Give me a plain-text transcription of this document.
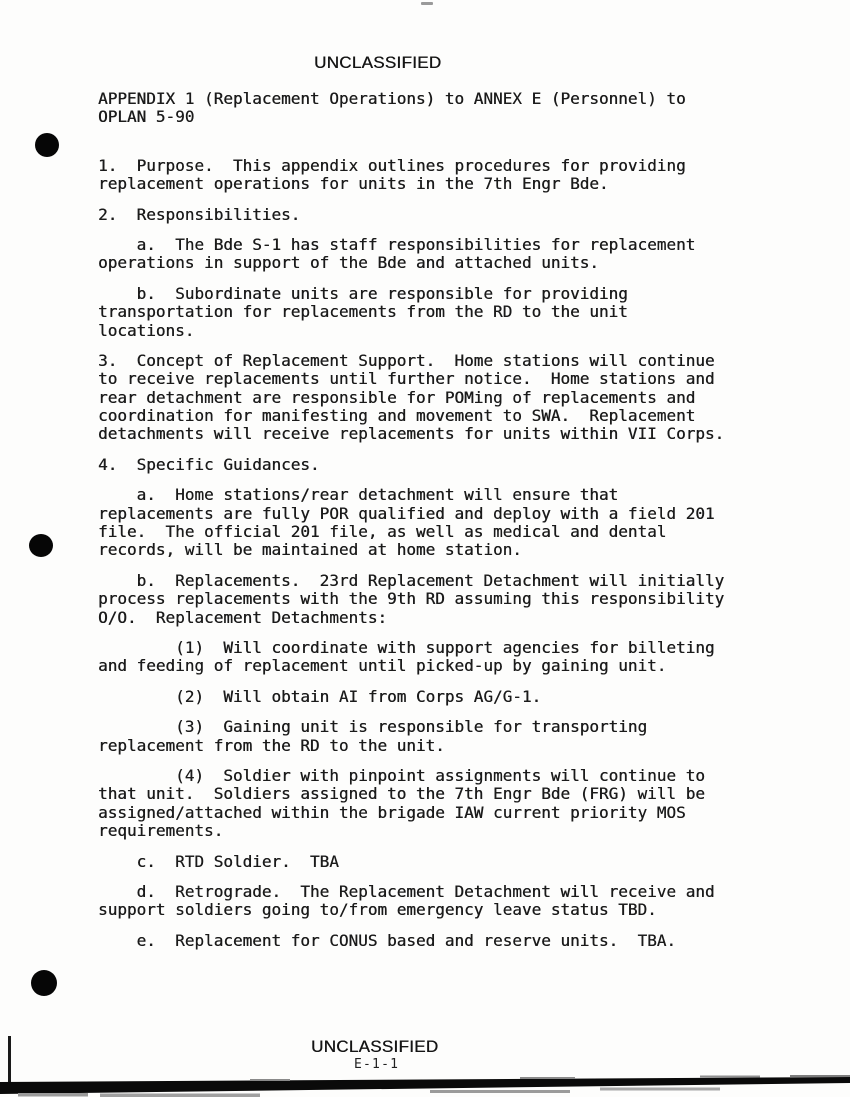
UNCLASSIFIED
APPENDIX 1 (Replacement Operations) to ANNEX E (Personnel) to
OPLAN 5-90
1.  Purpose.  This appendix outlines procedures for providing
replacement operations for units in the 7th Engr Bde.
2.  Responsibilities.
a.  The Bde S-1 has staff responsibilities for replacement
operations in support of the Bde and attached units.
b.  Subordinate units are responsible for providing
transportation for replacements from the RD to the unit
locations.
3.  Concept of Replacement Support.  Home stations will continue
to receive replacements until further notice.  Home stations and
rear detachment are responsible for POMing of replacements and
coordination for manifesting and movement to SWA.  Replacement
detachments will receive replacements for units within VII Corps.
4.  Specific Guidances.
a.  Home stations/rear detachment will ensure that
replacements are fully POR qualified and deploy with a field 201
file.  The official 201 file, as well as medical and dental
records, will be maintained at home station.
b.  Replacements.  23rd Replacement Detachment will initially
process replacements with the 9th RD assuming this responsibility
O/O.  Replacement Detachments:
(1)  Will coordinate with support agencies for billeting
and feeding of replacement until picked-up by gaining unit.
(2)  Will obtain AI from Corps AG/G-1.
(3)  Gaining unit is responsible for transporting
replacement from the RD to the unit.
(4)  Soldier with pinpoint assignments will continue to
that unit.  Soldiers assigned to the 7th Engr Bde (FRG) will be
assigned/attached within the brigade IAW current priority MOS
requirements.
c.  RTD Soldier.  TBA
d.  Retrograde.  The Replacement Detachment will receive and
support soldiers going to/from emergency leave status TBD.
e.  Replacement for CONUS based and reserve units.  TBA.
UNCLASSIFIED
E-1-1
